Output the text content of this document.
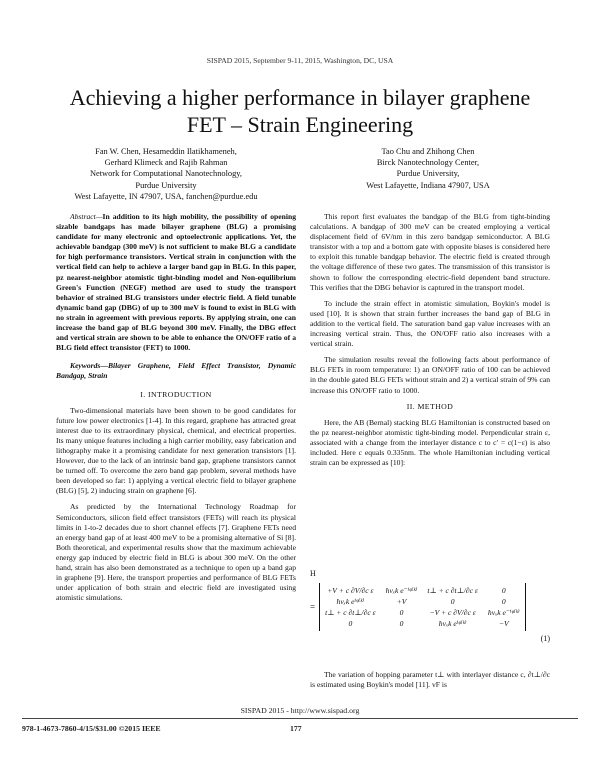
SISPAD 2015, September 9-11, 2015, Washington, DC, USA
Achieving a higher performance in bilayer graphene
FET – Strain Engineering
Fan W. Chen, Hesameddin Ilatikhameneh,
Gerhard Klimeck and Rajib Rahman
Network for Computational Nanotechnology,
Purdue University
West Lafayette, IN 47907, USA, fanchen@purdue.edu
Tao Chu and Zhihong Chen
Birck Nanotechnology Center,
Purdue University,
West Lafayette, Indiana 47907, USA
Abstract—In addition to its high mobility, the possibility of opening sizable bandgaps has made bilayer graphene (BLG) a promising candidate for many electronic and optoelectronic applications. Yet, the achievable bandgap (300 meV) is not sufficient to make BLG a candidate for high performance transistors. Vertical strain in conjunction with the vertical field can help to achieve a larger band gap in BLG. In this paper, pz nearest-neighbor atomistic tight-binding model and Non-equilibrium Green's Function (NEGF) method are used to study the transport behavior of strained BLG transistors under electric field. A field tunable dynamic band gap (DBG) of up to 300 meV is found to exist in BLG with no strain in agreement with previous reports. By applying strain, one can increase the band gap of BLG beyond 300 meV. Finally, the DBG effect and vertical strain are shown to be able to enhance the ON/OFF ratio of a BLG field effect transistor (FET) to 1000.
Keywords—Bilayer Graphene, Field Effect Transistor, Dynamic Bandgap, Strain
I. INTRODUCTION

Two-dimensional materials have been shown to be good candidates for future low power electronics [1-4]. In this regard, graphene has attracted great interest due to its extraordinary physical, chemical, and electrical properties. Its many unique features including a high carrier mobility, easy fabrication and lithography make it a promising candidate for next generation transistors [1]. However, due to the lack of an intrinsic band gap, graphene transistors cannot be turned off. To overcome the zero band gap problem, several methods have been developed so far: 1) applying a vertical electric field to bilayer graphene (BLG) [5], 2) inducing strain on graphene [6].

As predicted by the International Technology Roadmap for Semiconductors, silicon field effect transistors (FETs) will reach its physical limits in 1-to-2 decades due to short channel effects [7]. Graphene FETs need an energy band gap of at least 400 meV to be a promising alternative of Si [8]. Both theoretical, and experimental results show that the maximum achievable energy gap induced by electric field in BLG is about 300 meV. On the other hand, strain has also been demonstrated as a technique to open up a band gap in graphene [9]. Here, the transport properties and performance of BLG FETs under application of both strain and electric field are investigated using atomistic simulations.

This report first evaluates the bandgap of the BLG from tight-binding calculations. A bandgap of 300 meV can be created employing a vertical displacement field of 6V/nm in this zero bandgap semiconductor. A BLG transistor with a top and a bottom gate with opposite biases is considered here to exploit this tunable bandgap behavior. The electric field is created through the voltage difference of these two gates. The transmission of this transistor is shown to follow the corresponding electric-field dependent band structure. This verifies that the DBG behavior is captured in the transport model.

To include the strain effect in atomistic simulation, Boykin's model is used [10]. It is shown that strain further increases the band gap of BLG in addition to the vertical field. The saturation band gap value increases with an increasing vertical strain. Thus, the ON/OFF ratio also increases with a vertical strain.

The simulation results reveal the following facts about performance of BLG FETs in room temperature: 1) an ON/OFF ratio of 100 can be achieved in the double gated BLG FETs without strain and 2) a vertical strain of 9% can increase this ON/OFF ratio to 1000.

II. METHOD

Here, the AB (Bernal) stacking BLG Hamiltonian is constructed based on the pz nearest-neighbor atomistic tight-binding model. Perpendicular strain ε, associated with a change from the interlayer distance c to c′ = c(1−ε) is also included. Here c equals 0.335nm. The whole Hamiltonian including vertical strain can be expressed as [10]:

H
=
+V + c ∂V/∂c ε	ħvₓk e⁻ⁱᵠ⁽ᵏ⁾	t⊥ + c ∂t⊥/∂c ε	0
ħvₓk eⁱᵠ⁽ᵏ⁾	+V	0	0
t⊥ + c ∂t⊥/∂c ε	0	−V + c ∂V/∂c ε	ħvₓk e⁻ⁱᵠ⁽ᵏ⁾
0	0	ħvₓk eⁱᵠ⁽ᵏ⁾	−V
(1)

The variation of hopping parameter t⊥ with interlayer distance c, ∂t⊥/∂c is estimated using Boykin's model [11]. vF is

SISPAD 2015 - http://www.sispad.org
978-1-4673-7860-4/15/$31.00 ©2015 IEEE	177
